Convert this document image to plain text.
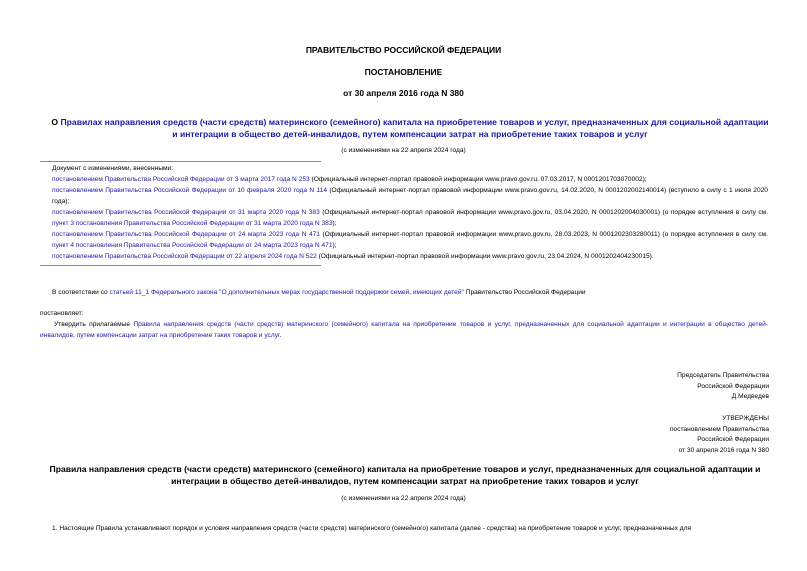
ПРАВИТЕЛЬСТВО РОССИЙСКОЙ ФЕДЕРАЦИИ
ПОСТАНОВЛЕНИЕ
от 30 апреля 2016 года N 380
О Правилах направления средств (части средств) материнского (семейного) капитала на приобретение товаров и услуг, предназначенных для социальной адаптации и интеграции в общество детей-инвалидов, путем компенсации затрат на приобретение таких товаров и услуг
(с изменениями на 22 апреля 2024 года)
Документ с изменениями, внесенными:
постановлением Правительства Российской Федерации от 3 марта 2017 года N 253 (Официальный интернет-портал правовой информации www.pravo.gov.ru, 07.03.2017, N 0001201703070002);
постановлением Правительства Российской Федерации от 10 февраля 2020 года N 114 (Официальный интернет-портал правовой информации www.pravo.gov.ru, 14.02.2020, N 0001202002140014) (вступило в силу с 1 июля 2020 года);
постановлением Правительства Российской Федерации от 31 марта 2020 года N 383 (Официальный интернет-портал правовой информации www.pravo.gov.ru, 03.04.2020, N 0001202004030001) (о порядке вступления в силу см. пункт 3 постановления Правительства Российской Федерации от 31 марта 2020 года N 383);
постановлением Правительства Российской Федерации от 24 марта 2023 года N 471 (Официальный интернет-портал правовой информации www.pravo.gov.ru, 28.03.2023, N 0001202303280011) (о порядке вступления в силу см. пункт 4 постановления Правительства Российской Федерации от 24 марта 2023 года N 471);
постановлением Правительства Российской Федерации от 22 апреля 2024 года N 522 (Официальный интернет-портал правовой информации www.pravo.gov.ru, 23.04.2024, N 0001202404230015).
В соответствии со статьей 11_1 Федерального закона "О дополнительных мерах государственной поддержки семей, имеющих детей" Правительство Российской Федерации
постановляет:
Утвердить прилагаемые Правила направления средств (части средств) материнского (семейного) капитала на приобретение товаров и услуг, предназначенных для социальной адаптации и интеграции в общество детей-инвалидов, путем компенсации затрат на приобретение таких товаров и услуг.
Председатель Правительства
Российской Федерации
Д.Медведев
УТВЕРЖДЕНЫ
постановлением Правительства
Российской Федерации
от 30 апреля 2016 года N 380
Правила направления средств (части средств) материнского (семейного) капитала на приобретение товаров и услуг, предназначенных для социальной адаптации и интеграции в общество детей-инвалидов, путем компенсации затрат на приобретение таких товаров и услуг
(с изменениями на 22 апреля 2024 года)
1. Настоящие Правила устанавливают порядок и условия направления средств (части средств) материнского (семейного) капитала (далее - средства) на приобретение товаров и услуг, предназначенных для
